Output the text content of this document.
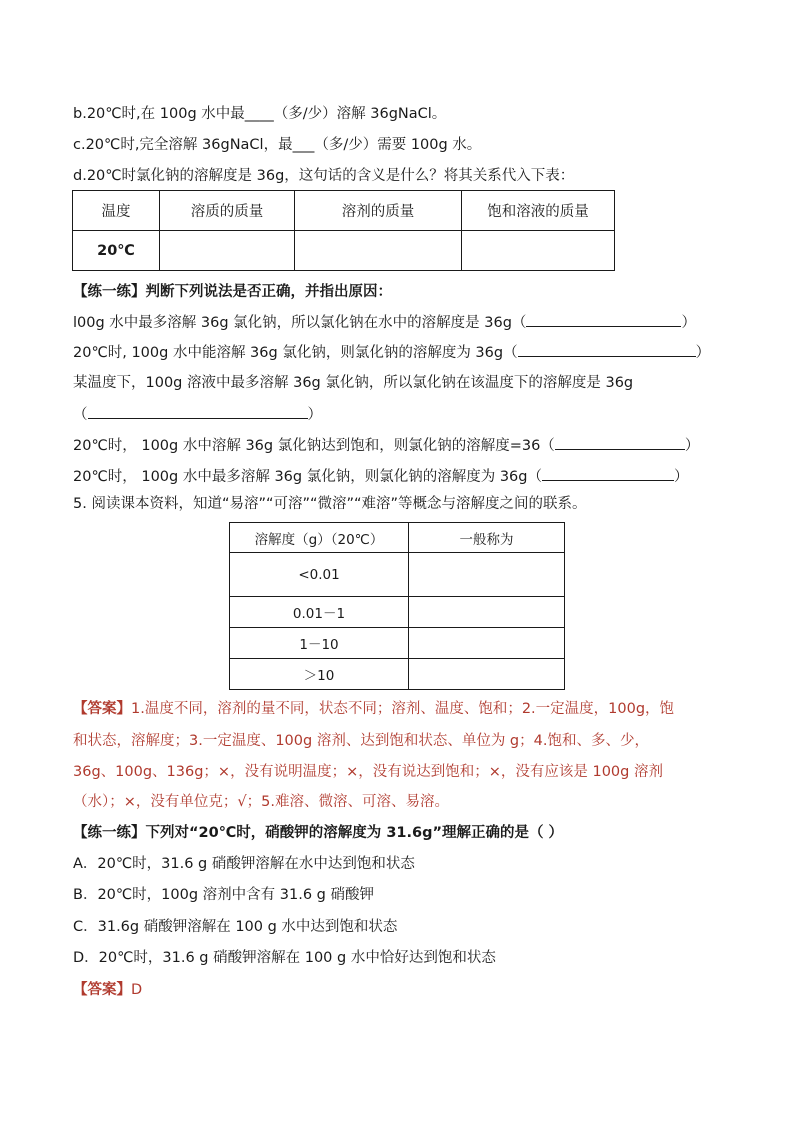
b.20℃时,在 100g 水中最____（多/少）溶解 36gNaCl。
c.20℃时,完全溶解 36gNaCl，最___（多/少）需要 100g 水。
d.20℃时氯化钠的溶解度是 36g，这句话的含义是什么？将其关系代入下表：
温度	溶质的质量	溶剂的质量	饱和溶液的质量
20℃			
【练一练】判断下列说法是否正确，并指出原因：
l00g 水中最多溶解 36g 氯化钠，所以氯化钠在水中的溶解度是 36g（	）
20℃时, 100g 水中能溶解 36g 氯化钠，则氯化钠的溶解度为 36g（	）
某温度下，100g 溶液中最多溶解 36g 氯化钠，所以氯化钠在该温度下的溶解度是 36g
（	）
20℃时， 100g 水中溶解 36g 氯化钠达到饱和，则氯化钠的溶解度=36（	）
20℃时， 100g 水中最多溶解 36g 氯化钠，则氯化钠的溶解度为 36g（	）
5. 阅读课本资料，知道“易溶”“可溶”“微溶”“难溶”等概念与溶解度之间的联系。
溶解度（g）（20℃）	一般称为
<0.01	
0.01－1	
1－10	
＞10	
【答案】1.温度不同，溶剂的量不同，状态不同；溶剂、温度、饱和；2.一定温度，100g，饱
和状态，溶解度；3.一定温度、100g 溶剂、达到饱和状态、单位为 g；4.饱和、多、少，
36g、100g、136g；×，没有说明温度；×，没有说达到饱和；×，没有应该是 100g 溶剂
（水）；×，没有单位克；√；5.难溶、微溶、可溶、易溶。
【练一练】下列对“20℃时，硝酸钾的溶解度为 31.6g”理解正确的是（ ）
A．20℃时，31.6 g 硝酸钾溶解在水中达到饱和状态
B．20℃时，100g 溶剂中含有 31.6 g 硝酸钾
C．31.6g 硝酸钾溶解在 100 g 水中达到饱和状态
D．20℃时，31.6 g 硝酸钾溶解在 100 g 水中恰好达到饱和状态
【答案】D
